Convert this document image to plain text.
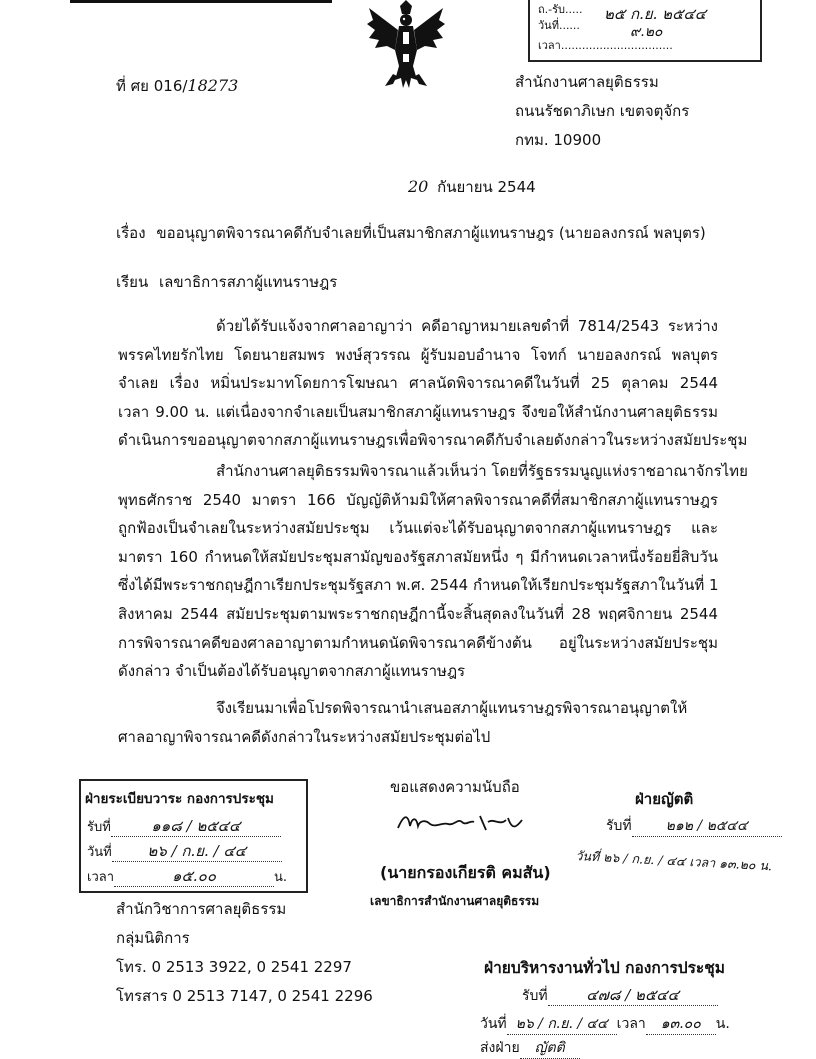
ถ.-รับ.....
วันที่......
เวลา................................
๒๕ ก.ย. ๒๕๔๔
๙.๒๐
ที่ ศย 016/18273	สำนักงานศาลยุติธรรม
ถนนรัชดาภิเษก เขตจตุจักร
กทม. 10900
20 กันยายน 2544
เรื่อง ขออนุญาตพิจารณาคดีกับจำเลยที่เป็นสมาชิกสภาผู้แทนราษฎร (นายอลงกรณ์ พลบุตร)
เรียน เลขาธิการสภาผู้แทนราษฎร
ด้วยได้รับแจ้งจากศาลอาญาว่า คดีอาญาหมายเลขดำที่ 7814/2543 ระหว่าง
พรรคไทยรักไทย โดยนายสมพร พงษ์สุวรรณ ผู้รับมอบอำนาจ โจทก์ นายอลงกรณ์ พลบุตร
จำเลย เรื่อง หมิ่นประมาทโดยการโฆษณา ศาลนัดพิจารณาคดีในวันที่ 25 ตุลาคม 2544
เวลา 9.00 น. แต่เนื่องจากจำเลยเป็นสมาชิกสภาผู้แทนราษฎร จึงขอให้สำนักงานศาลยุติธรรม
ดำเนินการขออนุญาตจากสภาผู้แทนราษฎรเพื่อพิจารณาคดีกับจำเลยดังกล่าวในระหว่างสมัยประชุม
สำนักงานศาลยุติธรรมพิจารณาแล้วเห็นว่า โดยที่รัฐธรรมนูญแห่งราชอาณาจักรไทย
พุทธศักราช 2540 มาตรา 166 บัญญัติห้ามมิให้ศาลพิจารณาคดีที่สมาชิกสภาผู้แทนราษฎร
ถูกฟ้องเป็นจำเลยในระหว่างสมัยประชุม เว้นแต่จะได้รับอนุญาตจากสภาผู้แทนราษฎร และ
มาตรา 160 กำหนดให้สมัยประชุมสามัญของรัฐสภาสมัยหนึ่ง ๆ มีกำหนดเวลาหนึ่งร้อยยี่สิบวัน
ซึ่งได้มีพระราชกฤษฎีกาเรียกประชุมรัฐสภา พ.ศ. 2544 กำหนดให้เรียกประชุมรัฐสภาในวันที่ 1
สิงหาคม 2544 สมัยประชุมตามพระราชกฤษฎีกานี้จะสิ้นสุดลงในวันที่ 28 พฤศจิกายน 2544
การพิจารณาคดีของศาลอาญาตามกำหนดนัดพิจารณาคดีข้างต้น อยู่ในระหว่างสมัยประชุม
ดังกล่าว จำเป็นต้องได้รับอนุญาตจากสภาผู้แทนราษฎร
จึงเรียนมาเพื่อโปรดพิจารณานำเสนอสภาผู้แทนราษฎรพิจารณาอนุญาตให้
ศาลอาญาพิจารณาคดีดังกล่าวในระหว่างสมัยประชุมต่อไป
ขอแสดงความนับถือ
(นายกรองเกียรติ คมสัน)
เลขาธิการสำนักงานศาลยุติธรรม
ฝ่ายระเบียบวาระ กองการประชุม
รับที่	๑๑๘ / ๒๕๔๔
วันที่ ๒๖ / ก.ย. / ๔๔
เวลา	๑๕.๐๐	น.
ฝ่ายญัตติ
รับที่ ๒๑๒ / ๒๕๔๔
วันที่ ๒๖ / ก.ย. / ๔๔ เวลา ๑๓.๒๐ น.
สำนักวิชาการศาลยุติธรรม
กลุ่มนิติการ
โทร. 0 2513 3922, 0 2541 2297
โทรสาร 0 2513 7147, 0 2541 2296
ฝ่ายบริหารงานทั่วไป กองการประชุม
รับที่	๔๗๘ / ๒๕๔๔
วันที่ ๒๖ / ก.ย. / ๔๔ เวลา ๑๓.๐๐ น.
ส่งฝ่าย ญัตติ
